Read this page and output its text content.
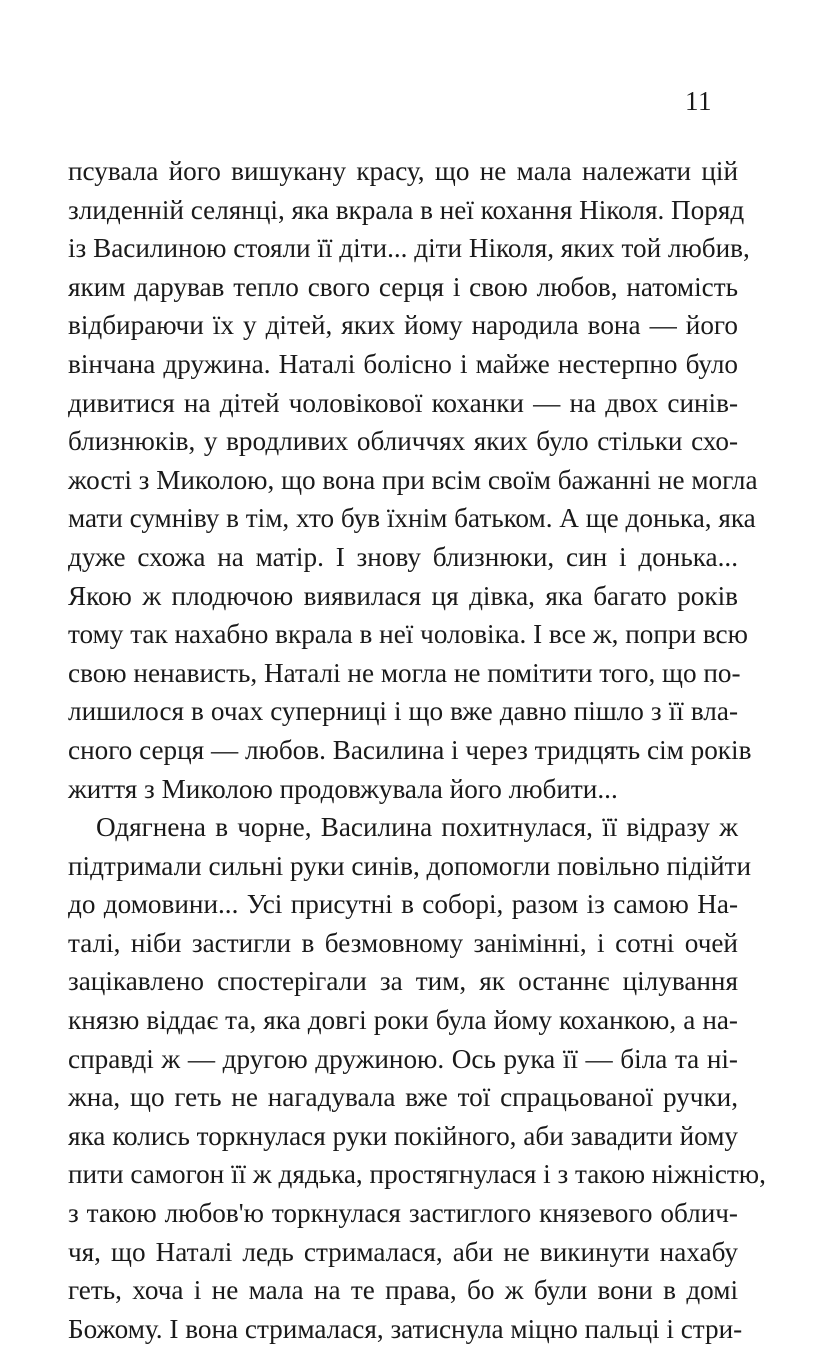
11
псувала його вишукану красу, що не мала належати цій
злиденній селянці, яка вкрала в неї кохання Ніколя. Поряд
із Василиною стояли її діти... діти Ніколя, яких той любив,
яким дарував тепло свого серця і свою любов, натомість
відбираючи їх у дітей, яких йому народила вона — його
вінчана дружина. Наталі болісно і майже нестерпно було
дивитися на дітей чоловікової коханки — на двох синів-
близнюків, у вродливих обличчях яких було стільки схо-
жості з Миколою, що вона при всім своїм бажанні не могла
мати сумніву в тім, хто був їхнім батьком. А ще донька, яка
дуже схожа на матір. І знову близнюки, син і донька...
Якою ж плодючою виявилася ця дівка, яка багато років
тому так нахабно вкрала в неї чоловіка. І все ж, попри всю
свою ненависть, Наталі не могла не помітити того, що по-
лишилося в очах суперниці і що вже давно пішло з її вла-
сного серця — любов. Василина і через тридцять сім років
життя з Миколою продовжувала його любити...
Одягнена в чорне, Василина похитнулася, її відразу ж
підтримали сильні руки синів, допомогли повільно підійти
до домовини... Усі присутні в соборі, разом із самою На-
талі, ніби застигли в безмовному заніміннi, і сотні очей
зацікавлено спостерігали за тим, як останнє цілування
князю віддає та, яка довгі роки була йому коханкою, а на-
справді ж — другою дружиною. Ось рука її — біла та ні-
жна, що геть не нагадувала вже тої спрацьованої ручки,
яка колись торкнулася руки покійного, аби завадити йому
пити самогон її ж дядька, простягнулася і з такою ніжністю,
з такою любов'ю торкнулася застиглого князевого облич-
чя, що Наталі ледь стрималася, аби не викинути нахабу
геть, хоча і не мала на те права, бо ж були вони в домі
Божому. І вона стрималася, затиснула міцно пальці і стри-
